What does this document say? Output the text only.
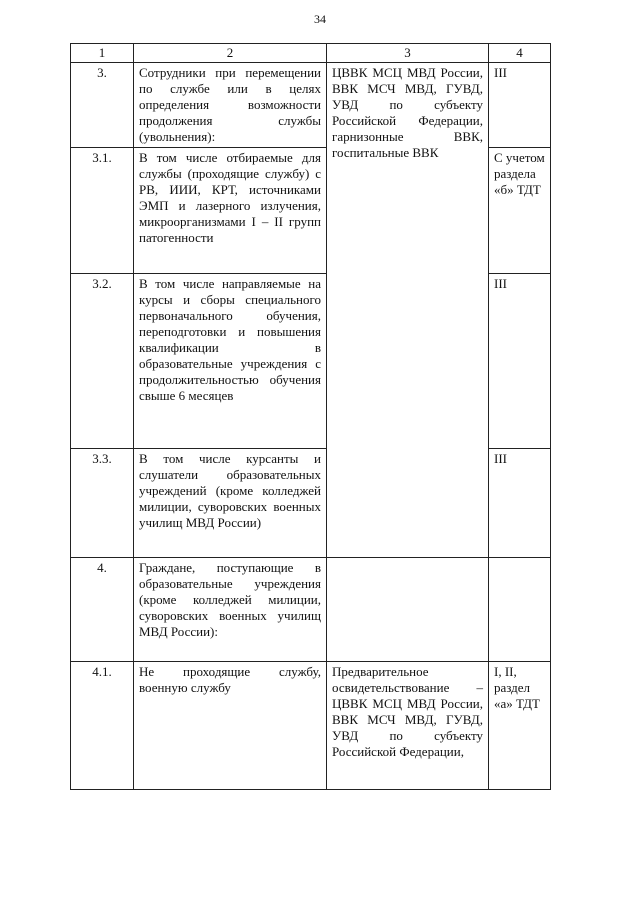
34
1	2	3	4
3.	Сотрудники при перемещении по службе или в целях определения возможности продолжения службы (увольнения):	ЦВВК МСЦ МВД России, ВВК МСЧ МВД, ГУВД, УВД по субъекту Российской Федерации, гарнизонные ВВК, госпитальные ВВК	III
3.1.	В том числе отбираемые для службы (проходящие службу) с РВ, ИИИ, КРТ, источниками ЭМП и лазерного излучения, микроорганизмами I – II групп патогенности		С учетом раздела «б» ТДТ
3.2.	В том числе направляемые на курсы и сборы специального первоначального обучения, переподготовки и повышения квалификации в образовательные учреждения с продолжительностью обучения свыше 6 месяцев		III
3.3.	В том числе курсанты и слушатели образовательных учреждений (кроме колледжей милиции, суворовских военных училищ МВД России)		III
4.	Граждане, поступающие в образовательные учреждения (кроме колледжей милиции, суворовских военных училищ МВД России):		
4.1.	Не проходящие службу, военную службу	Предварительное освидетельствование – ЦВВК МСЦ МВД России, ВВК МСЧ МВД, ГУВД, УВД по субъекту Российской Федерации,	I, II, раздел «а» ТДТ
